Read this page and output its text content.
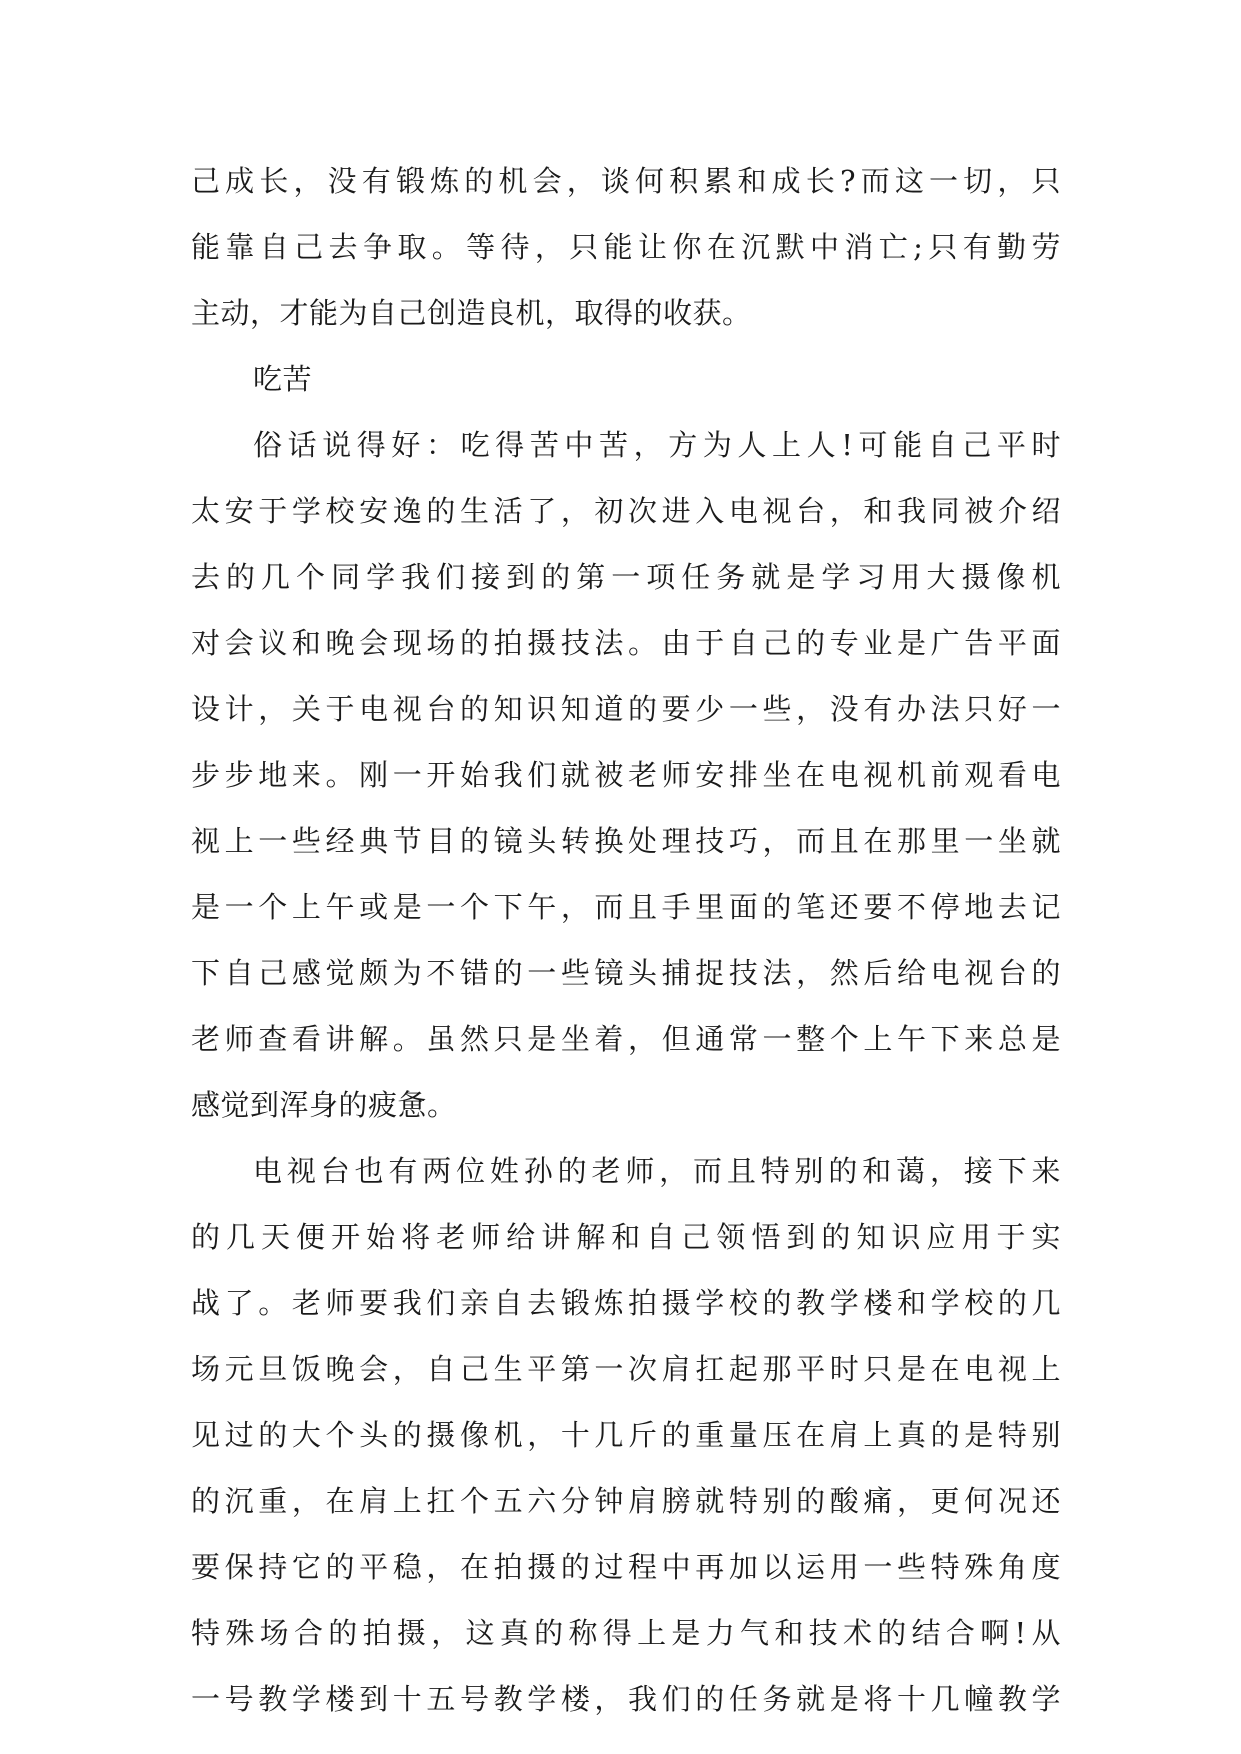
己成长，没有锻炼的机会，谈何积累和成长?而这一切，只
能靠自己去争取。等待，只能让你在沉默中消亡;只有勤劳
主动，才能为自己创造良机，取得的收获。
吃苦
俗话说得好：吃得苦中苦，方为人上人!可能自己平时
太安于学校安逸的生活了，初次进入电视台，和我同被介绍
去的几个同学我们接到的第一项任务就是学习用大摄像机
对会议和晚会现场的拍摄技法。由于自己的专业是广告平面
设计，关于电视台的知识知道的要少一些，没有办法只好一
步步地来。刚一开始我们就被老师安排坐在电视机前观看电
视上一些经典节目的镜头转换处理技巧，而且在那里一坐就
是一个上午或是一个下午，而且手里面的笔还要不停地去记
下自己感觉颇为不错的一些镜头捕捉技法，然后给电视台的
老师查看讲解。虽然只是坐着，但通常一整个上午下来总是
感觉到浑身的疲惫。
电视台也有两位姓孙的老师，而且特别的和蔼，接下来
的几天便开始将老师给讲解和自己领悟到的知识应用于实
战了。老师要我们亲自去锻炼拍摄学校的教学楼和学校的几
场元旦饭晚会，自己生平第一次肩扛起那平时只是在电视上
见过的大个头的摄像机，十几斤的重量压在肩上真的是特别
的沉重，在肩上扛个五六分钟肩膀就特别的酸痛，更何况还
要保持它的平稳，在拍摄的过程中再加以运用一些特殊角度
特殊场合的拍摄，这真的称得上是力气和技术的结合啊!从
一号教学楼到十五号教学楼，我们的任务就是将十几幢教学
